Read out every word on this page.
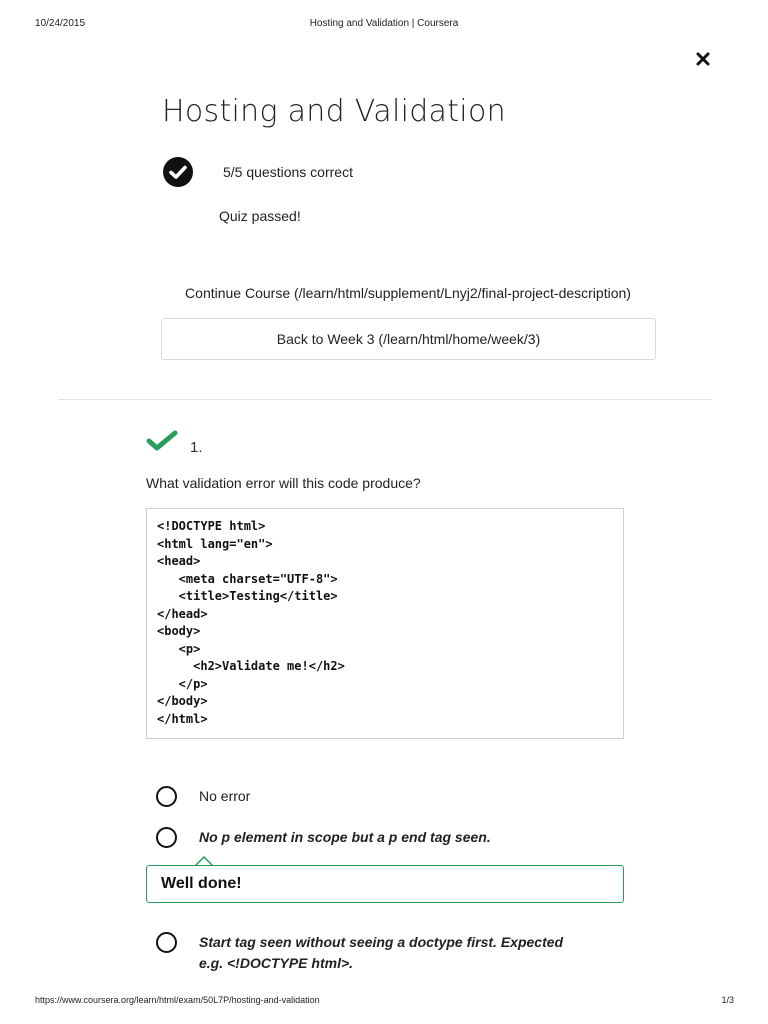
10/24/2015	Hosting and Validation | Coursera
Hosting and Validation
5/5 questions correct
Quiz passed!
Continue Course (/learn/html/supplement/Lnyj2/final-project-description)
Back to Week 3 (/learn/html/home/week/3)
1.
What validation error will this code produce?
<!DOCTYPE html>
<html lang="en">
<head>
<meta charset="UTF-8">
<title>Testing</title>
</head>
<body>
<p>
<h2>Validate me!</h2>
</p>
</body>
</html>
No error
No p element in scope but a p end tag seen.
Well done!
Start tag seen without seeing a doctype first. Expected
e.g. <!DOCTYPE html>.
https://www.coursera.org/learn/html/exam/50L7P/hosting-and-validation	1/3
